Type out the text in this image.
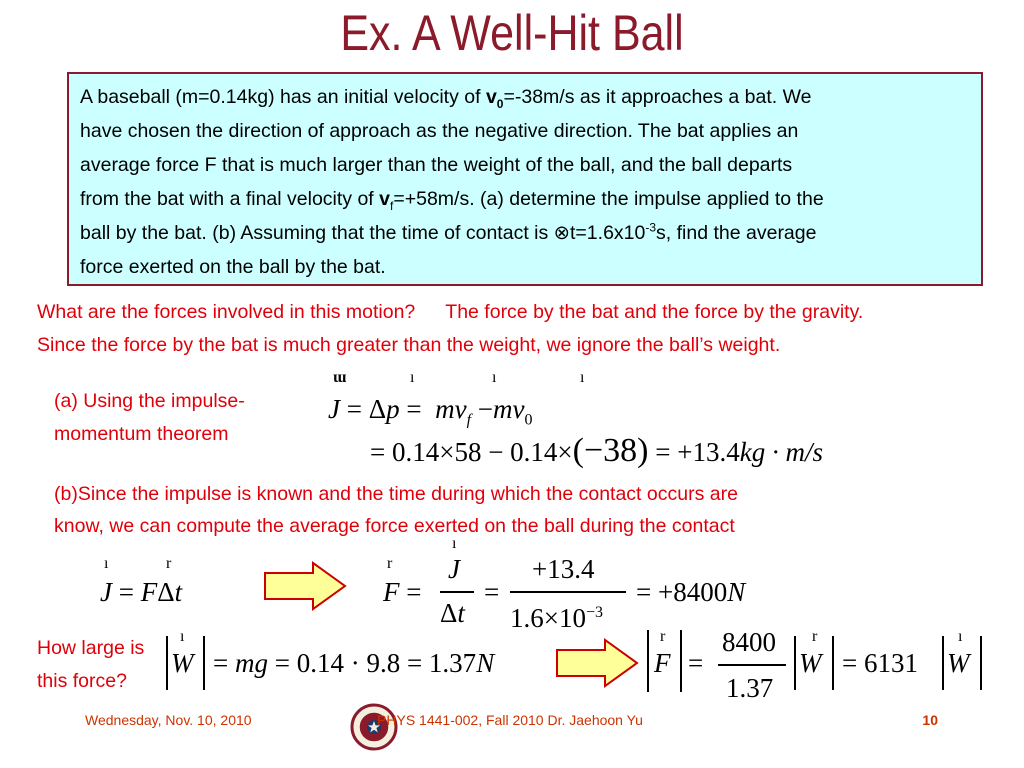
Ex. A Well-Hit Ball
A baseball (m=0.14kg) has an initial velocity of $v_0=-38m/s$ as it approaches a bat. We
have chosen the direction of approach as the negative direction. The bat applies an
average force F that is much larger than the weight of the ball, and the ball departs
from the bat with a final velocity of $v_f=+58m/s$. (a) determine the impulse applied to the
ball by the bat. (b) Assuming that the time of contact is $\otimes t=1.6x10^{-3}s$, find the average
force exerted on the ball by the bat.
What are the forces involved in this motion? The force by the bat and the force by the gravity.
Since the force by the bat is much greater than the weight, we ignore the ball’s weight.
(a) Using the impulse-
momentum theorem
$J = \Delta p = mv_f -mv_0$
ɯ	ı	ı	ı
= 0.14×58 − 0.14×(−38) = +13.4kg · m/s
(b)Since the impulse is known and the time during which the contact occurs are
know, we can compute the average force exerted on the ball during the contact
J = FΔt
ı	r
F =
r J
ı
Δt
=
+13.4
$1.6\times 10^{-3}$
= +8400N
How large is
this force?
W
ı
= mg = 0.14 · 9.8 = 1.37N	F
r
=
8400
1.37
W
r
= 6131 W
ı
Wednesday, Nov. 10, 2010	PHYS 1441-002, Fall 2010 Dr. Jaehoon Yu	10
